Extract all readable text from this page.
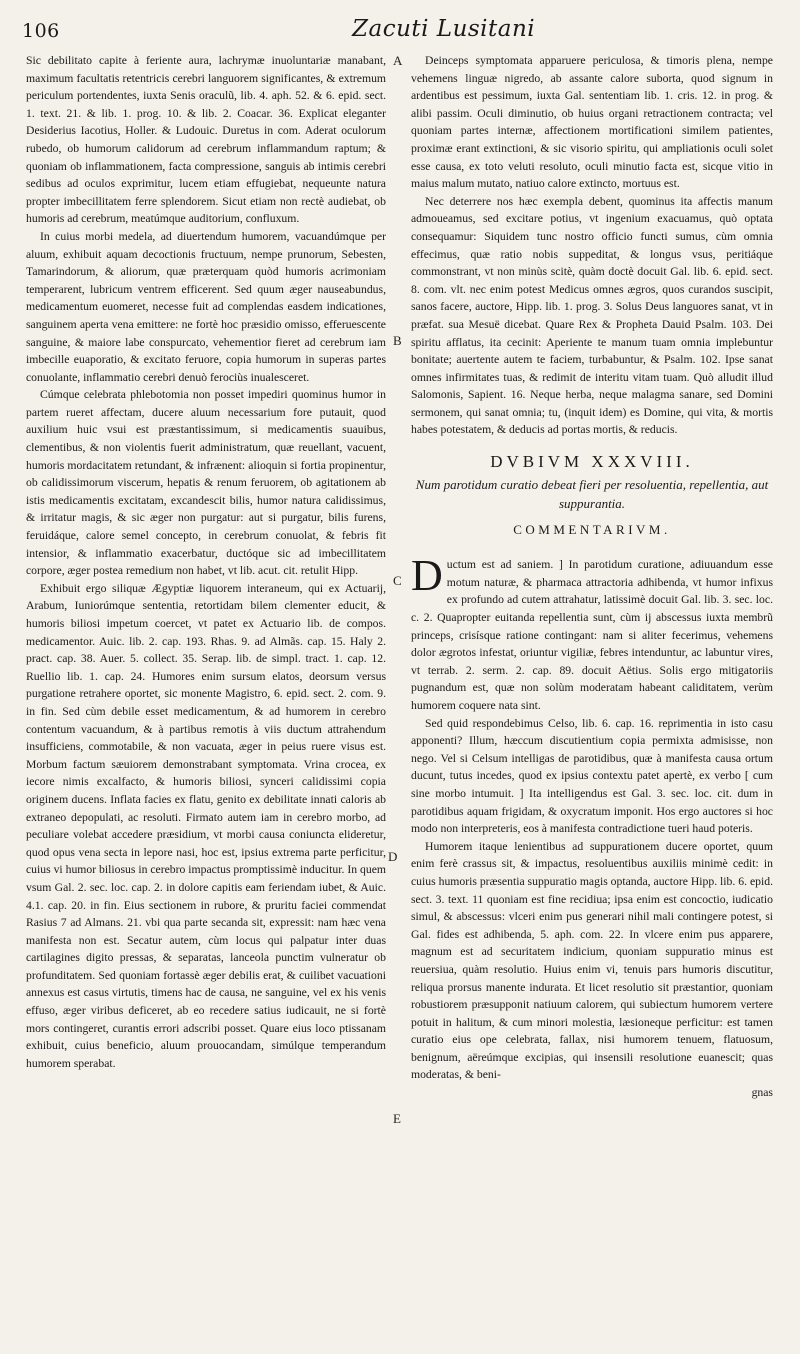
106	Zacuti Lusitani

Sic debilitato capite à feriente aura, lachrymæ inuoluntariæ manabant, maximum facultatis retentricis cerebri languorem significantes, & extremum periculum portendentes, iuxta Senis oraculũ, lib. 4. aph. 52. & 6. epid. sect. 1. text. 21. & lib. 1. prog. 10. & lib. 2. Coacar. 36. Explicat eleganter Desiderius Iacotius, Holler. & Ludouic. Duretus in com. Aderat oculorum rubedo, ob humorum calidorum ad cerebrum inflammandum raptum; & quoniam ob inflammationem, facta compressione, sanguis ab intimis cerebri sedibus ad oculos exprimitur, lucem etiam effugiebat, nequeunte natura propter imbecillitatem ferre splendorem. Sicut etiam non rectè audiebat, ob humoris ad cerebrum, meatúmque auditorium, confluxum.

In cuius morbi medela, ad diuertendum humorem, vacuandúmque per aluum, exhibuit aquam decoctionis fructuum, nempe prunorum, Sebesten, Tamarindorum, & aliorum, quæ præterquam quòd humoris acrimoniam temperarent, lubricum ventrem efficerent. Sed quum æger nauseabundus, medicamentum euomeret, necesse fuit ad complendas easdem indicationes, sanguinem aperta vena emittere: ne fortè hoc præsidio omisso, efferuescente sanguine, & maiore labe conspurcato, vehementior fieret ad cerebrum iam imbecille euaporatio, & excitato feruore, copia humorum in superas partes conuolante, inflammatio cerebri denuò ferociùs inualesceret.

Cúmque celebrata phlebotomia non posset impediri quominus humor in partem rueret affectam, ducere aluum necessarium fore putauit, quod auxilium huic vsui est præstantissimum, si medicamentis suauibus, clementibus, & non violentis fuerit administratum, quæ reuellant, vacuent, humoris mordacitatem retundant, & infrænent: alioquin si fortia propinentur, ob calidissimorum viscerum, hepatis & renum feruorem, ob agitationem ab istis medicamentis excitatam, excandescit bilis, humor natura calidissimus, & irritatur magis, & sic æger non purgatur: aut si purgatur, bilis furens, feruidáque, calore semel concepto, in cerebrum conuolat, & febris fit intensior, & inflammatio exacerbatur, ductóque sic ad imbecillitatem corpore, æger postea remedium non habet, vt lib. acut. cit. retulit Hipp.

Exhibuit ergo siliquæ Ægyptiæ liquorem interaneum, qui ex Actuarij, Arabum, Iuniorúmque sententia, retortidam bilem clementer educit, & humoris biliosi impetum coercet, vt patet ex Actuario lib. de compos. medicamentor. Auic. lib. 2. cap. 193. Rhas. 9. ad Almãs. cap. 15. Haly 2. pract. cap. 38. Auer. 5. collect. 35. Serap. lib. de simpl. tract. 1. cap. 12. Ruellio lib. 1. cap. 24. Humores enim sursum elatos, deorsum versus purgatione retrahere oportet, sic monente Magistro, 6. epid. sect. 2. com. 9. in fin. Sed cùm debile esset medicamentum, & ad humorem in cerebro contentum vacuandum, & à partibus remotis à viis ductum attrahendum insufficiens, commotabile, & non vacuata, æger in peius ruere visus est. Morbum factum sæuiorem demonstrabant symptomata. Vrina crocea, ex iecore nimis excalfacto, & humoris biliosi, synceri calidissimi copia originem ducens. Inflata facies ex flatu, genito ex debilitate innati caloris ab extraneo depopulati, ac resoluti. Firmato autem iam in cerebro morbo, ad peculiare volebat accedere præsidium, vt morbi causa coniuncta elideretur, quod opus vena secta in lepore nasi, hoc est, ipsius extrema parte perficitur, cuius vi humor biliosus in cerebro impactus promptissimè inducitur. In quem vsum Gal. 2. sec. loc. cap. 2. in dolore capitis eam feriendam iubet, & Auic. 4.1. cap. 20. in fin. Eius sectionem in rubore, & pruritu faciei commendat Rasius 7 ad Almans. 21. vbi qua parte secanda sit, expressit: nam hæc vena manifesta non est. Secatur autem, cùm locus qui palpatur inter duas cartilagines digito pressas, & separatas, lanceola punctim vulneratur ob profunditatem. Sed quoniam fortassè æger debilis erat, & cuilibet vacuationi annexus est casus virtutis, timens hac de causa, ne sanguine, vel ex his venis effuso, æger viribus deficeret, ab eo recedere satius iudicauit, ne si fortè mors contingeret, curantis errori adscribi posset. Quare eius loco ptissanam exhibuit, cuius beneficio, aluum prouocandam, simúlque temperandum humorem sperabat.

A
B
C
D
E

Deinceps symptomata apparuere periculosa, & timoris plena, nempe vehemens linguæ nigredo, ab assante calore suborta, quod signum in ardentibus est pessimum, iuxta Gal. sententiam lib. 1. cris. 12. in prog. & alibi passim. Oculi diminutio, ob huius organi retractionem contracta; vel quoniam partes internæ, affectionem mortificationi similem patientes, proximæ erant extinctioni, & sic visorio spiritu, qui ampliationis oculi solet esse causa, ex toto veluti resoluto, oculi minutio facta est, sicque vitio in maius malum mutato, natiuo calore extincto, mortuus est.

Nec deterrere nos hæc exempla debent, quominus ita affectis manum admoueamus, sed excitare potius, vt ingenium exacuamus, quò optata consequamur: Siquidem tunc nostro officio functi sumus, cùm omnia effecimus, quæ ratio nobis suppeditat, & longus vsus, peritiáque commonstrant, vt non minùs scitè, quàm doctè docuit Gal. lib. 6. epid. sect. 8. com. vlt. nec enim potest Medicus omnes ægros, quos curandos suscipit, sanos facere, auctore, Hipp. lib. 1. prog. 3. Solus Deus languores sanat, vt in præfat. sua Mesuë dicebat. Quare Rex & Propheta Dauid Psalm. 103. Dei spiritu afflatus, ita cecinit: Aperiente te manum tuam omnia implebuntur bonitate; auertente autem te faciem, turbabuntur, & Psalm. 102. Ipse sanat omnes infirmitates tuas, & redimit de interitu vitam tuam. Quò alludit illud Salomonis, Sapient. 16. Neque herba, neque malagma sanare, sed Domini sermonem, qui sanat omnia; tu, (inquit idem) es Domine, qui vita, & mortis habes potestatem, & deducis ad portas mortis, & reducis.

DVBIVM XXXVIII.
Num parotidum curatio debeat fieri per resoluentia, repellentia, aut suppurantia.
COMMENTARIVM.
D uctum est ad saniem. ] In parotidum curatione, adiuuandum esse motum naturæ, & pharmaca attractoria adhibenda, vt humor infixus ex profundo ad cutem attrahatur, latissimè docuit Gal. lib. 3. sec. loc. c. 2. Quapropter euitanda repellentia sunt, cùm ij abscessus iuxta membrũ princeps, crisísque ratione contingant: nam si aliter fecerimus, vehemens dolor ægrotos infestat, oriuntur vigiliæ, febres intenduntur, ac labuntur vires, vt terrab. 2. serm. 2. cap. 89. docuit Aëtius. Solis ergo mitigatoriis pugnandum est, quæ non solùm moderatam habeant caliditatem, verùm humorem coquere nata sint.

Sed quid respondebimus Celso, lib. 6. cap. 16. reprimentia in isto casu apponenti? Illum, hæccum discutientium copia permixta admisisse, non nego. Vel si Celsum intelligas de parotidibus, quæ à manifesta causa ortum ducunt, tutus incedes, quod ex ipsius contextu patet apertè, ex verbo [ cum sine morbo intumuit. ] Ita intelligendus est Gal. 3. sec. loc. cit. dum in parotidibus aquam frigidam, & oxycratum imponit. Hos ergo auctores si hoc modo non interpreteris, eos à manifesta contradictione tueri haud poteris.

Humorem itaque lenientibus ad suppurationem ducere oportet, quum enim ferè crassus sit, & impactus, resoluentibus auxiliis minimè cedit: in cuius humoris præsentia suppuratio magis optanda, auctore Hipp. lib. 6. epid. sect. 3. text. 11 quoniam est fine recidiua; ipsa enim est concoctio, iudicatio simul, & abscessus: vlceri enim pus generari nihil mali contingere potest, si Gal. fides est adhibenda, 5. aph. com. 22. In vlcere enim pus apparere, magnum est ad securitatem indicium, quoniam suppuratio minus est reuersiua, quàm resolutio. Huius enim vi, tenuis pars humoris discutitur, reliqua prorsus manente indurata. Et licet resolutio sit præstantior, quoniam robustiorem præsupponit natiuum calorem, qui subiectum humorem vertere potuit in halitum, & cum minori molestia, læsioneque perficitur: est tamen curatio eius ope celebrata, fallax, nisi humorem tenuem, flatuosum, benignum, aëreúmque excipias, qui insensili resolutione euanescit; quas moderatas, & beni-

gnas
